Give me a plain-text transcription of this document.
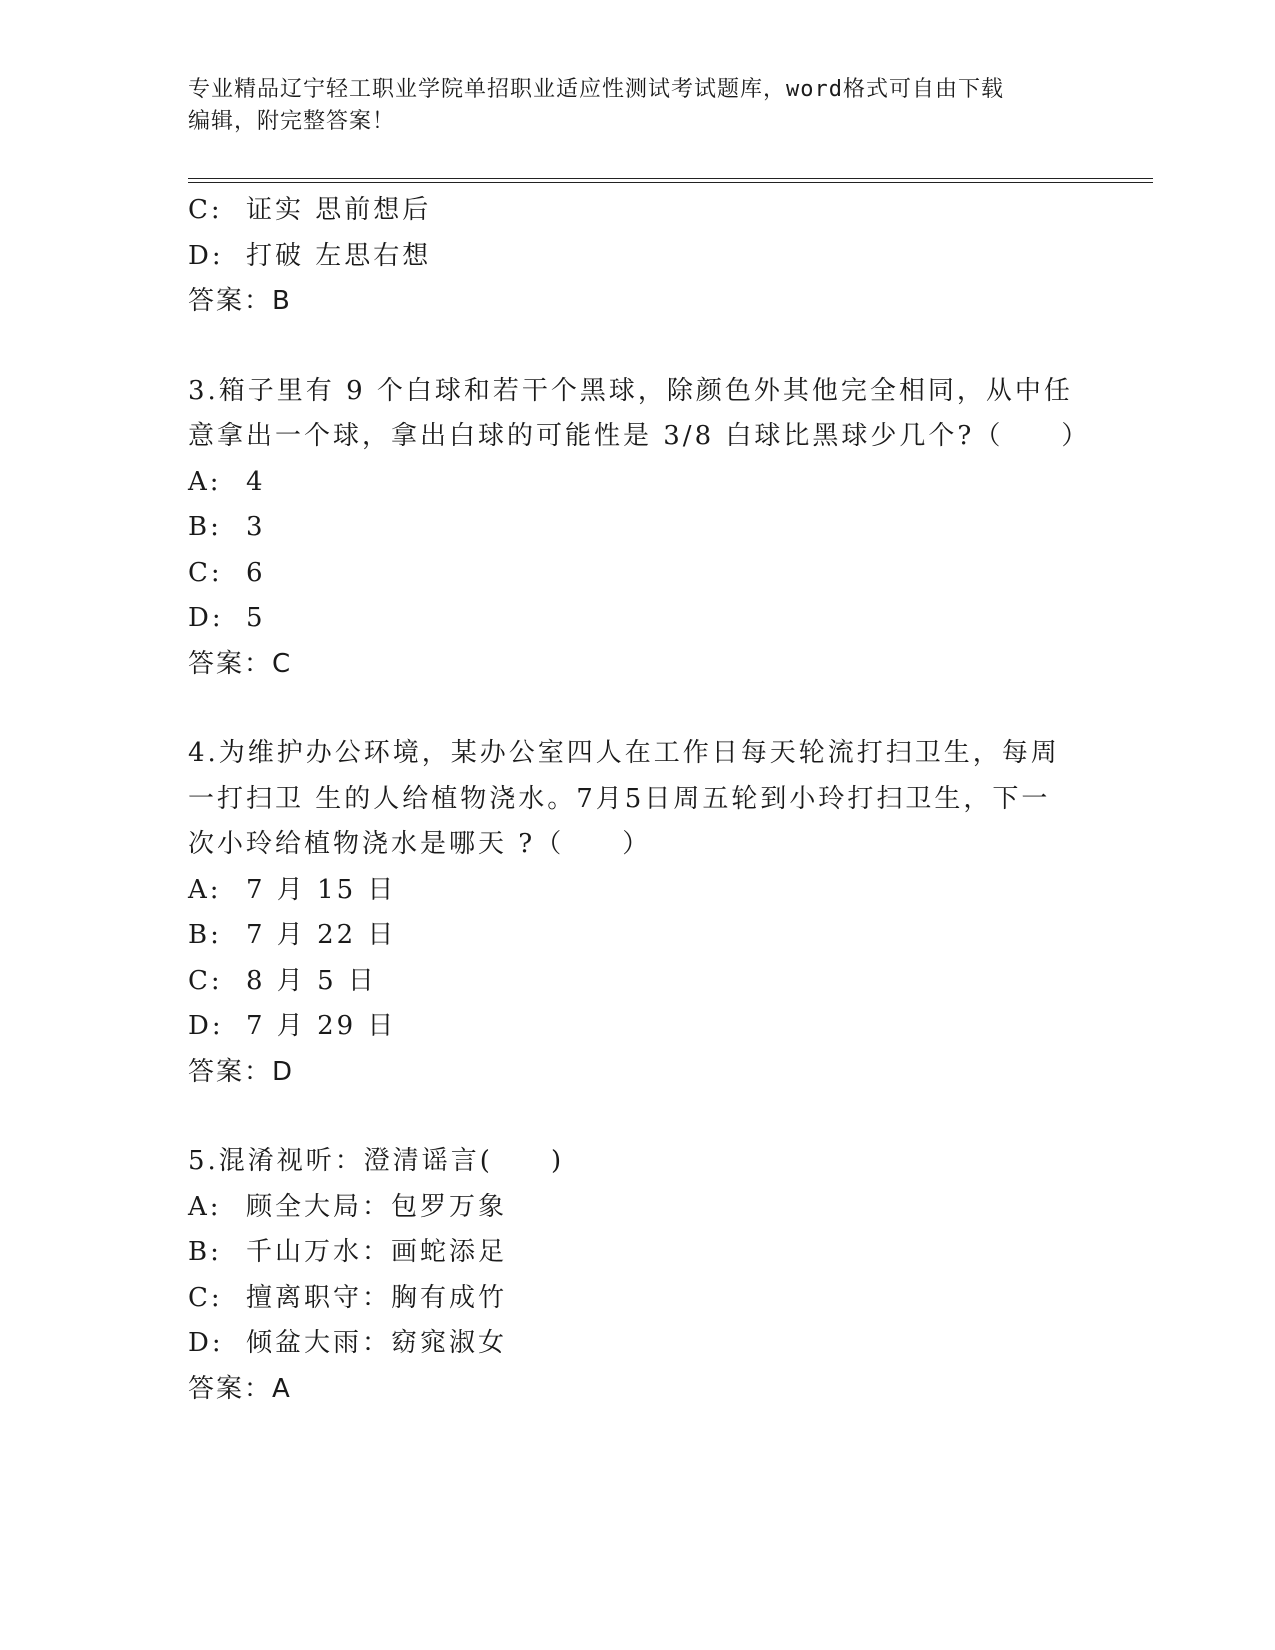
专业精品辽宁轻工职业学院单招职业适应性测试考试题库，word格式可自由下载
编辑，附完整答案！
C: 证实 思前想后
D: 打破 左思右想
答案：B
3.箱子里有 9 个白球和若干个黑球，除颜色外其他完全相同，从中任
意拿出一个球，拿出白球的可能性是 3/8 白球比黑球少几个?（　　）
A: 4
B: 3
C: 6
D: 5
答案：C
4.为维护办公环境，某办公室四人在工作日每天轮流打扫卫生，每周
一打扫卫 生的人给植物浇水。7月5日周五轮到小玲打扫卫生，下一
次小玲给植物浇水是哪天 ?（　　）
A: 7 月 15 日
B: 7 月 22 日
C: 8 月 5 日
D: 7 月 29 日
答案：D
5.混淆视听：澄清谣言(　　)
A: 顾全大局：包罗万象
B: 千山万水：画蛇添足
C: 擅离职守：胸有成竹
D: 倾盆大雨：窈窕淑女
答案：A
